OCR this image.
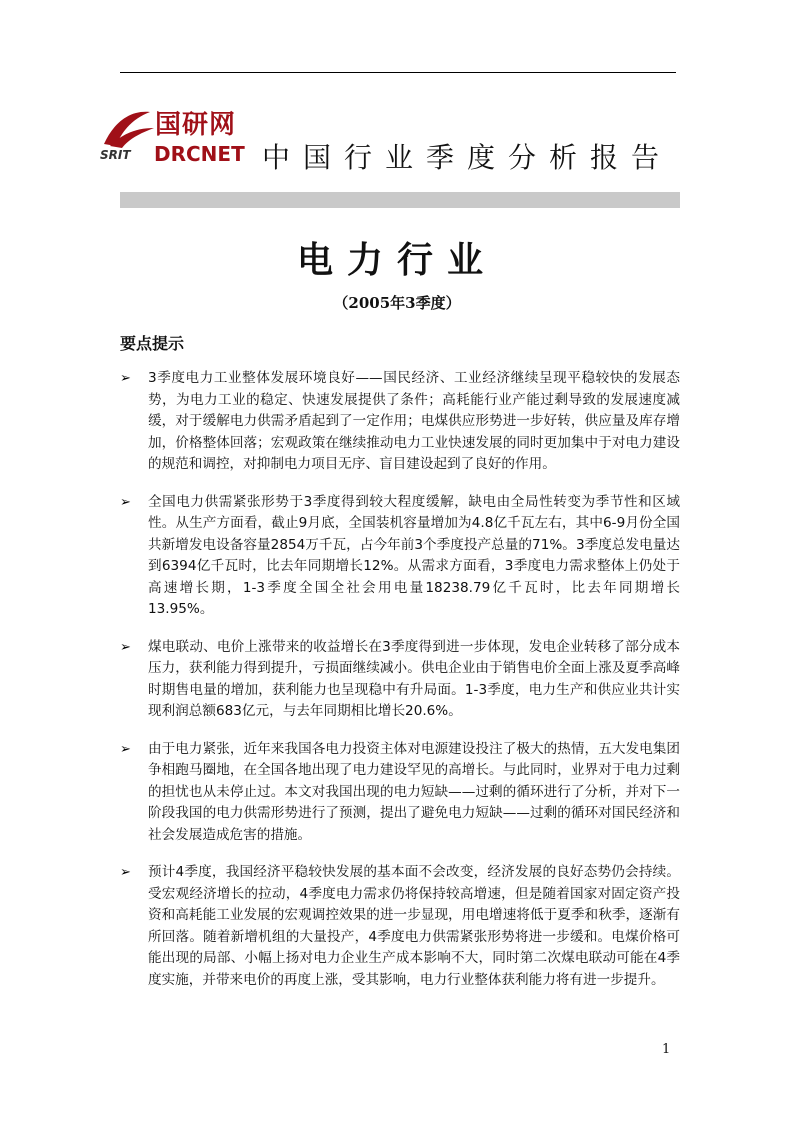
国研网
SRIT DRCNET 中国行业季度分析报告
电力行业
（2005年3季度）
要点提示
➢ 3季度电力工业整体发展环境良好——国民经济、工业经济继续呈现平稳较快的发展态势，为电力工业的稳定、快速发展提供了条件；高耗能行业产能过剩导致的发展速度减缓，对于缓解电力供需矛盾起到了一定作用；电煤供应形势进一步好转，供应量及库存增加，价格整体回落；宏观政策在继续推动电力工业快速发展的同时更加集中于对电力建设的规范和调控，对抑制电力项目无序、盲目建设起到了良好的作用。
➢ 全国电力供需紧张形势于3季度得到较大程度缓解，缺电由全局性转变为季节性和区域性。从生产方面看，截止9月底，全国装机容量增加为4.8亿千瓦左右，其中6-9月份全国共新增发电设备容量2854万千瓦，占今年前3个季度投产总量的71%。3季度总发电量达到6394亿千瓦时，比去年同期增长12%。从需求方面看，3季度电力需求整体上仍处于高速增长期，1-3季度全国全社会用电量18238.79亿千瓦时，比去年同期增长13.95%。
➢ 煤电联动、电价上涨带来的收益增长在3季度得到进一步体现，发电企业转移了部分成本压力，获利能力得到提升，亏损面继续减小。供电企业由于销售电价全面上涨及夏季高峰时期售电量的增加，获利能力也呈现稳中有升局面。1-3季度，电力生产和供应业共计实现利润总额683亿元，与去年同期相比增长20.6%。
➢ 由于电力紧张，近年来我国各电力投资主体对电源建设投注了极大的热情，五大发电集团争相跑马圈地，在全国各地出现了电力建设罕见的高增长。与此同时，业界对于电力过剩的担忧也从未停止过。本文对我国出现的电力短缺——过剩的循环进行了分析，并对下一阶段我国的电力供需形势进行了预测，提出了避免电力短缺——过剩的循环对国民经济和社会发展造成危害的措施。
➢ 预计4季度，我国经济平稳较快发展的基本面不会改变，经济发展的良好态势仍会持续。受宏观经济增长的拉动，4季度电力需求仍将保持较高增速，但是随着国家对固定资产投资和高耗能工业发展的宏观调控效果的进一步显现，用电增速将低于夏季和秋季，逐渐有所回落。随着新增机组的大量投产，4季度电力供需紧张形势将进一步缓和。电煤价格可能出现的局部、小幅上扬对电力企业生产成本影响不大，同时第二次煤电联动可能在4季度实施，并带来电价的再度上涨，受其影响，电力行业整体获利能力将有进一步提升。
1
